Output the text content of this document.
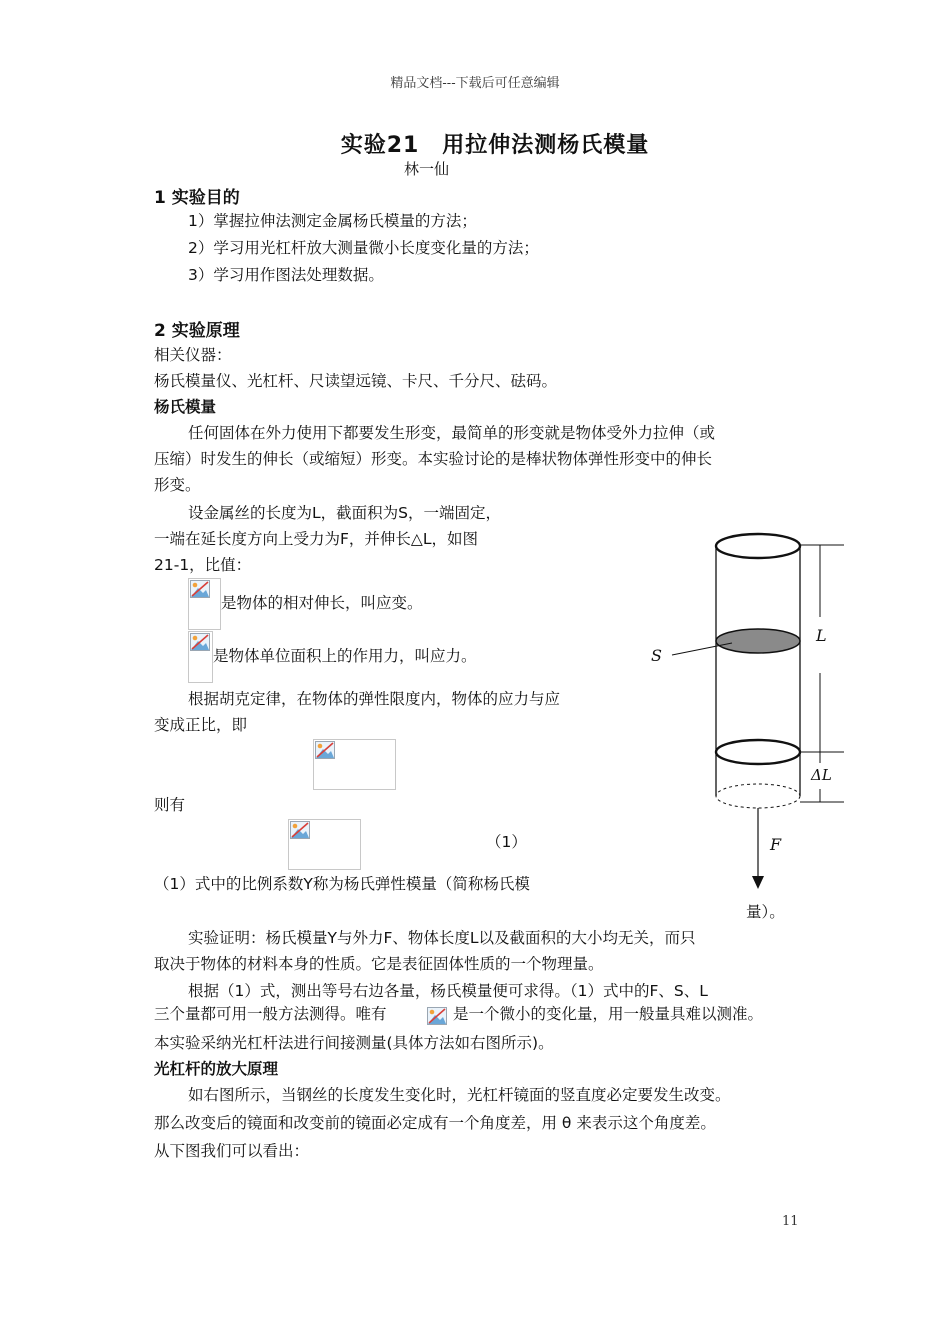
精品文档---下载后可任意编辑
实验21　用拉伸法测杨氏模量
林一仙
1 实验目的
1）掌握拉伸法测定金属杨氏模量的方法；
2）学习用光杠杆放大测量微小长度变化量的方法；
3）学习用作图法处理数据。
2 实验原理
相关仪器：
杨氏模量仪、光杠杆、尺读望远镜、卡尺、千分尺、砝码。
杨氏模量
任何固体在外力使用下都要发生形变，最简单的形变就是物体受外力拉伸（或
压缩）时发生的伸长（或缩短）形变。本实验讨论的是棒状物体弹性形变中的伸长
形变。
设金属丝的长度为L，截面积为S，一端固定，
一端在延长度方向上受力为F，并伸长△L，如图
21-1，比值：
是物体的相对伸长，叫应变。
是物体单位面积上的作用力，叫应力。
根据胡克定律，在物体的弹性限度内，物体的应力与应
变成正比，即
则有
（1）
（1）式中的比例系数Y称为杨氏弹性模量（简称杨氏模
量）。
实验证明：杨氏模量Y与外力F、物体长度L以及截面积的大小均无关，而只
取决于物体的材料本身的性质。它是表征固体性质的一个物理量。
根据（1）式，测出等号右边各量，杨氏模量便可求得。（1）式中的F、S、L
三个量都可用一般方法测得。唯有	是一个微小的变化量，用一般量具难以测准。
本实验采纳光杠杆法进行间接测量(具体方法如右图所示)。
光杠杆的放大原理
如右图所示，当钢丝的长度发生变化时，光杠杆镜面的竖直度必定要发生改变。
那么改变后的镜面和改变前的镜面必定成有一个角度差，用 θ 来表示这个角度差。
从下图我们可以看出：
S
L
ΔL
F
11
